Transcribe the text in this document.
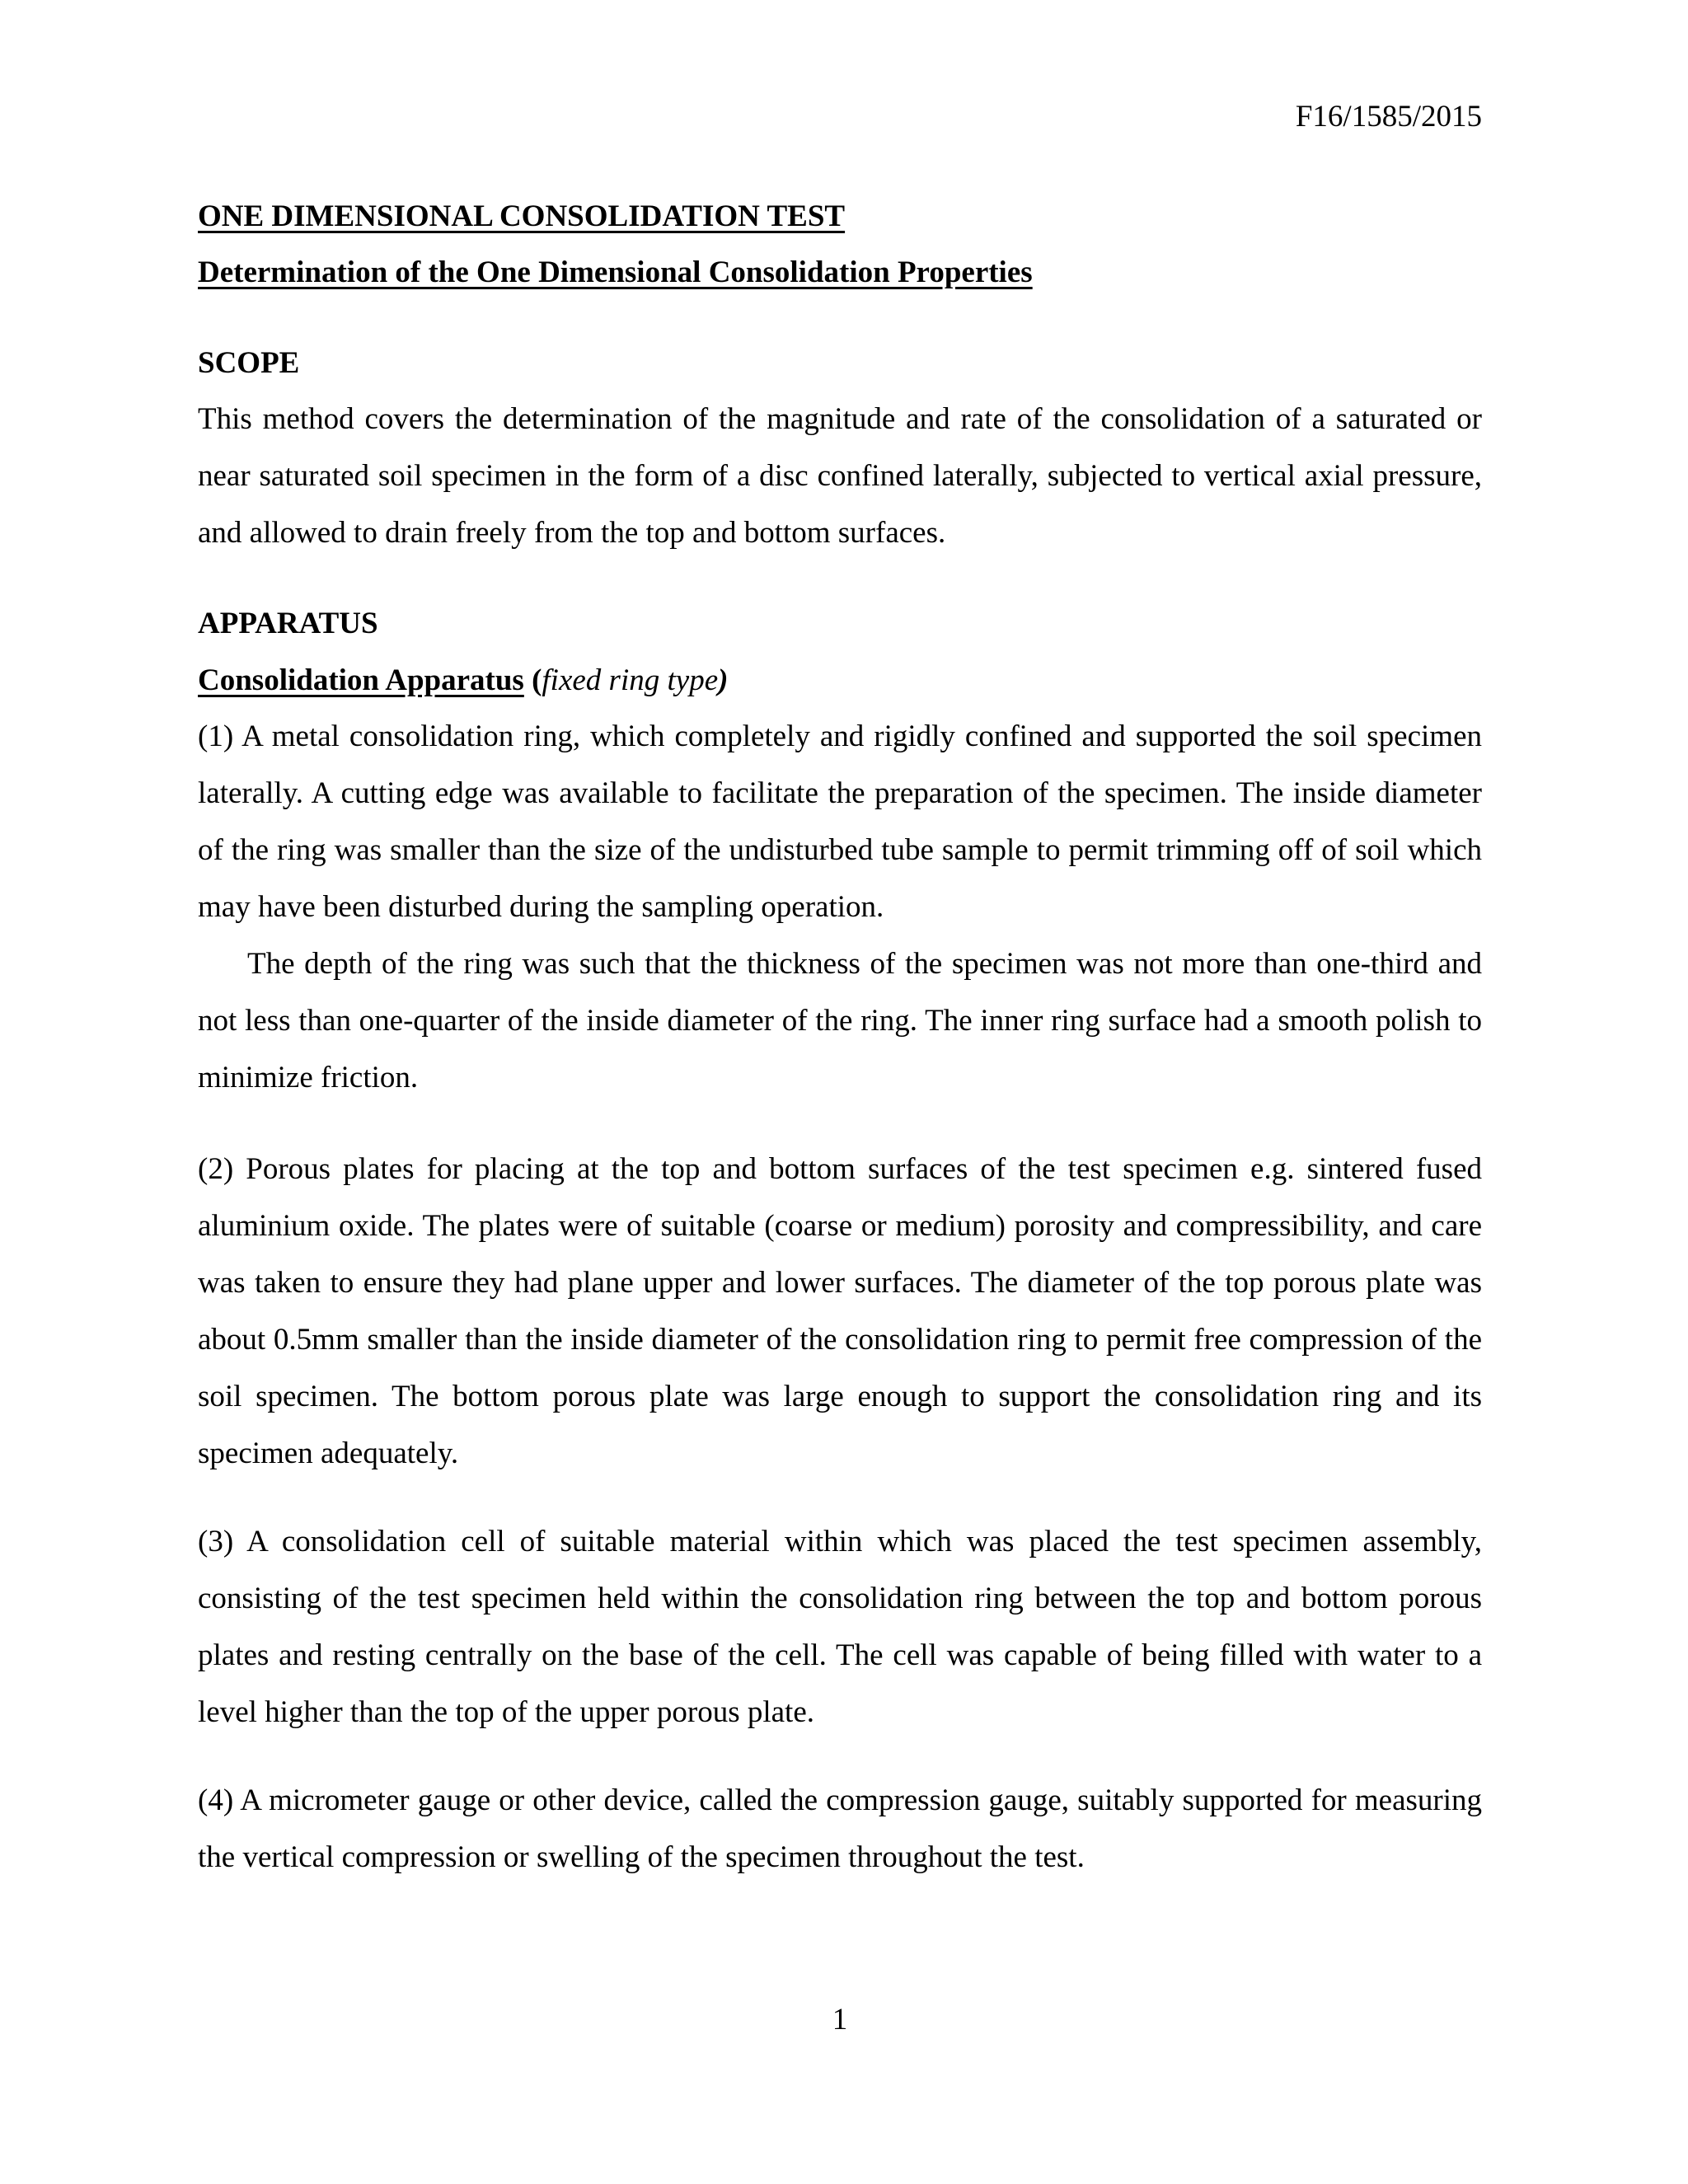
F16/1585/2015

ONE DIMENSIONAL CONSOLIDATION TEST
Determination of the One Dimensional Consolidation Properties
SCOPE

This method covers the determination of the magnitude and rate of the consolidation of a saturated or near saturated soil specimen in the form of a disc confined laterally, subjected to vertical axial pressure, and allowed to drain freely from the top and bottom surfaces.

APPARATUS

Consolidation Apparatus (fixed ring type)

(1) A metal consolidation ring, which completely and rigidly confined and supported the soil specimen laterally. A cutting edge was available to facilitate the preparation of the specimen. The inside diameter of the ring was smaller than the size of the undisturbed tube sample to permit trimming off of soil which may have been disturbed during the sampling operation.

The depth of the ring was such that the thickness of the specimen was not more than one-third and not less than one-quarter of the inside diameter of the ring. The inner ring surface had a smooth polish to minimize friction.

(2) Porous plates for placing at the top and bottom surfaces of the test specimen e.g. sintered fused aluminium oxide. The plates were of suitable (coarse or medium) porosity and compressibility, and care was taken to ensure they had plane upper and lower surfaces. The diameter of the top porous plate was about 0.5mm smaller than the inside diameter of the consolidation ring to permit free compression of the soil specimen. The bottom porous plate was large enough to support the consolidation ring and its specimen adequately.

(3) A consolidation cell of suitable material within which was placed the test specimen assembly, consisting of the test specimen held within the consolidation ring between the top and bottom porous plates and resting centrally on the base of the cell. The cell was capable of being filled with water to a level higher than the top of the upper porous plate.

(4) A micrometer gauge or other device, called the compression gauge, suitably supported for measuring the vertical compression or swelling of the specimen throughout the test.

1
